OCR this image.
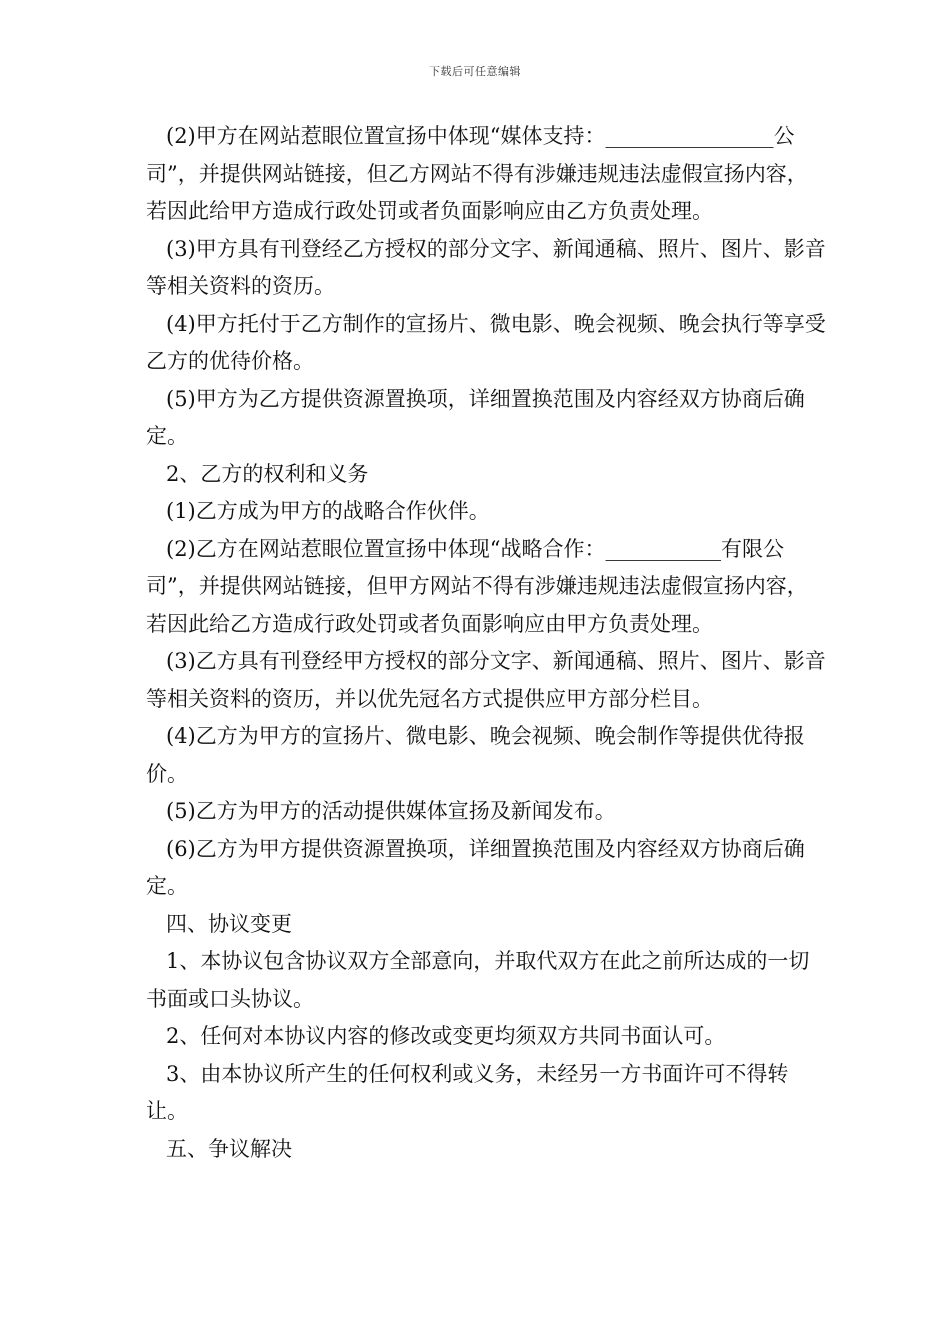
下载后可任意编辑

(2)甲方在网站惹眼位置宣扬中体现“媒体支持：________________公司”，并提供网站链接，但乙方网站不得有涉嫌违规违法虚假宣扬内容，若因此给甲方造成行政处罚或者负面影响应由乙方负责处理。

(3)甲方具有刊登经乙方授权的部分文字、新闻通稿、照片、图片、影音等相关资料的资历。

(4)甲方托付于乙方制作的宣扬片、微电影、晚会视频、晚会执行等享受乙方的优待价格。

(5)甲方为乙方提供资源置换项，详细置换范围及内容经双方协商后确定。

2、乙方的权利和义务

(1)乙方成为甲方的战略合作伙伴。

(2)乙方在网站惹眼位置宣扬中体现“战略合作：___________有限公司”，并提供网站链接，但甲方网站不得有涉嫌违规违法虚假宣扬内容，若因此给乙方造成行政处罚或者负面影响应由甲方负责处理。

(3)乙方具有刊登经甲方授权的部分文字、新闻通稿、照片、图片、影音等相关资料的资历，并以优先冠名方式提供应甲方部分栏目。

(4)乙方为甲方的宣扬片、微电影、晚会视频、晚会制作等提供优待报价。

(5)乙方为甲方的活动提供媒体宣扬及新闻发布。

(6)乙方为甲方提供资源置换项，详细置换范围及内容经双方协商后确定。

四、协议变更

1、本协议包含协议双方全部意向，并取代双方在此之前所达成的一切书面或口头协议。

2、任何对本协议内容的修改或变更均须双方共同书面认可。

3、由本协议所产生的任何权利或义务，未经另一方书面许可不得转让。

五、争议解决
